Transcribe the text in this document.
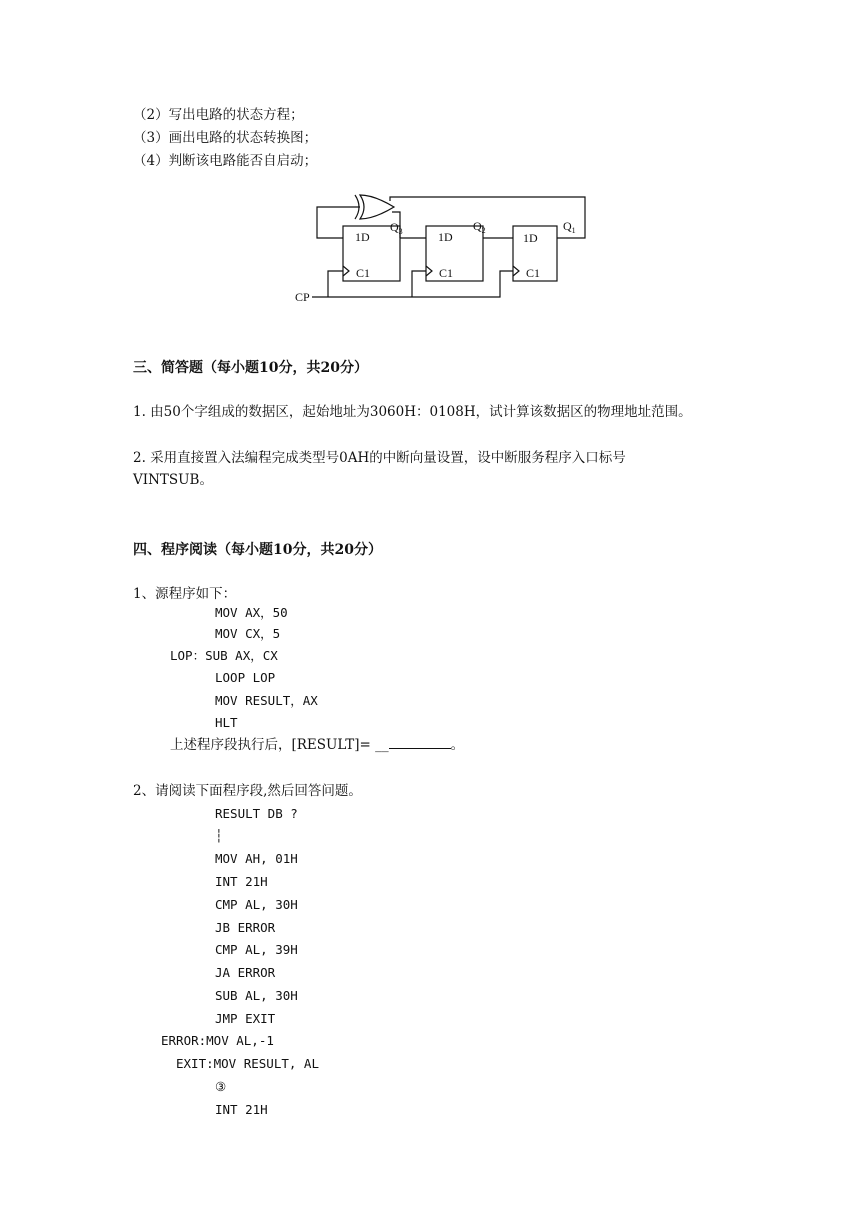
（2）写出电路的状态方程；
（3）画出电路的状态转换图；
（4）判断该电路能否自启动；
1D
C1
1D
C1
1D
C1
$Q_3$	$Q_2$	$Q_1$
CP
三、简答题（每小题10分，共20分）
1. 由50个字组成的数据区，起始地址为3060H：0108H，试计算该数据区的物理地址范围。
2. 采用直接置入法编程完成类型号0AH的中断向量设置，设中断服务程序入口标号
VINTSUB。
四、程序阅读（每小题10分，共20分）
1、源程序如下：
MOV AX，50
MOV CX，5
LOP：SUB AX，CX
LOOP LOP
MOV RESULT，AX
HLT
上述程序段执行后，[RESULT]= __	。
2、请阅读下面程序段,然后回答问题。
RESULT DB ?
┆
MOV AH, 01H
INT 21H
CMP AL, 30H
JB ERROR
CMP AL, 39H
JA ERROR
SUB AL, 30H
JMP EXIT
ERROR:MOV AL,-1
EXIT:MOV RESULT, AL
③
INT 21H
